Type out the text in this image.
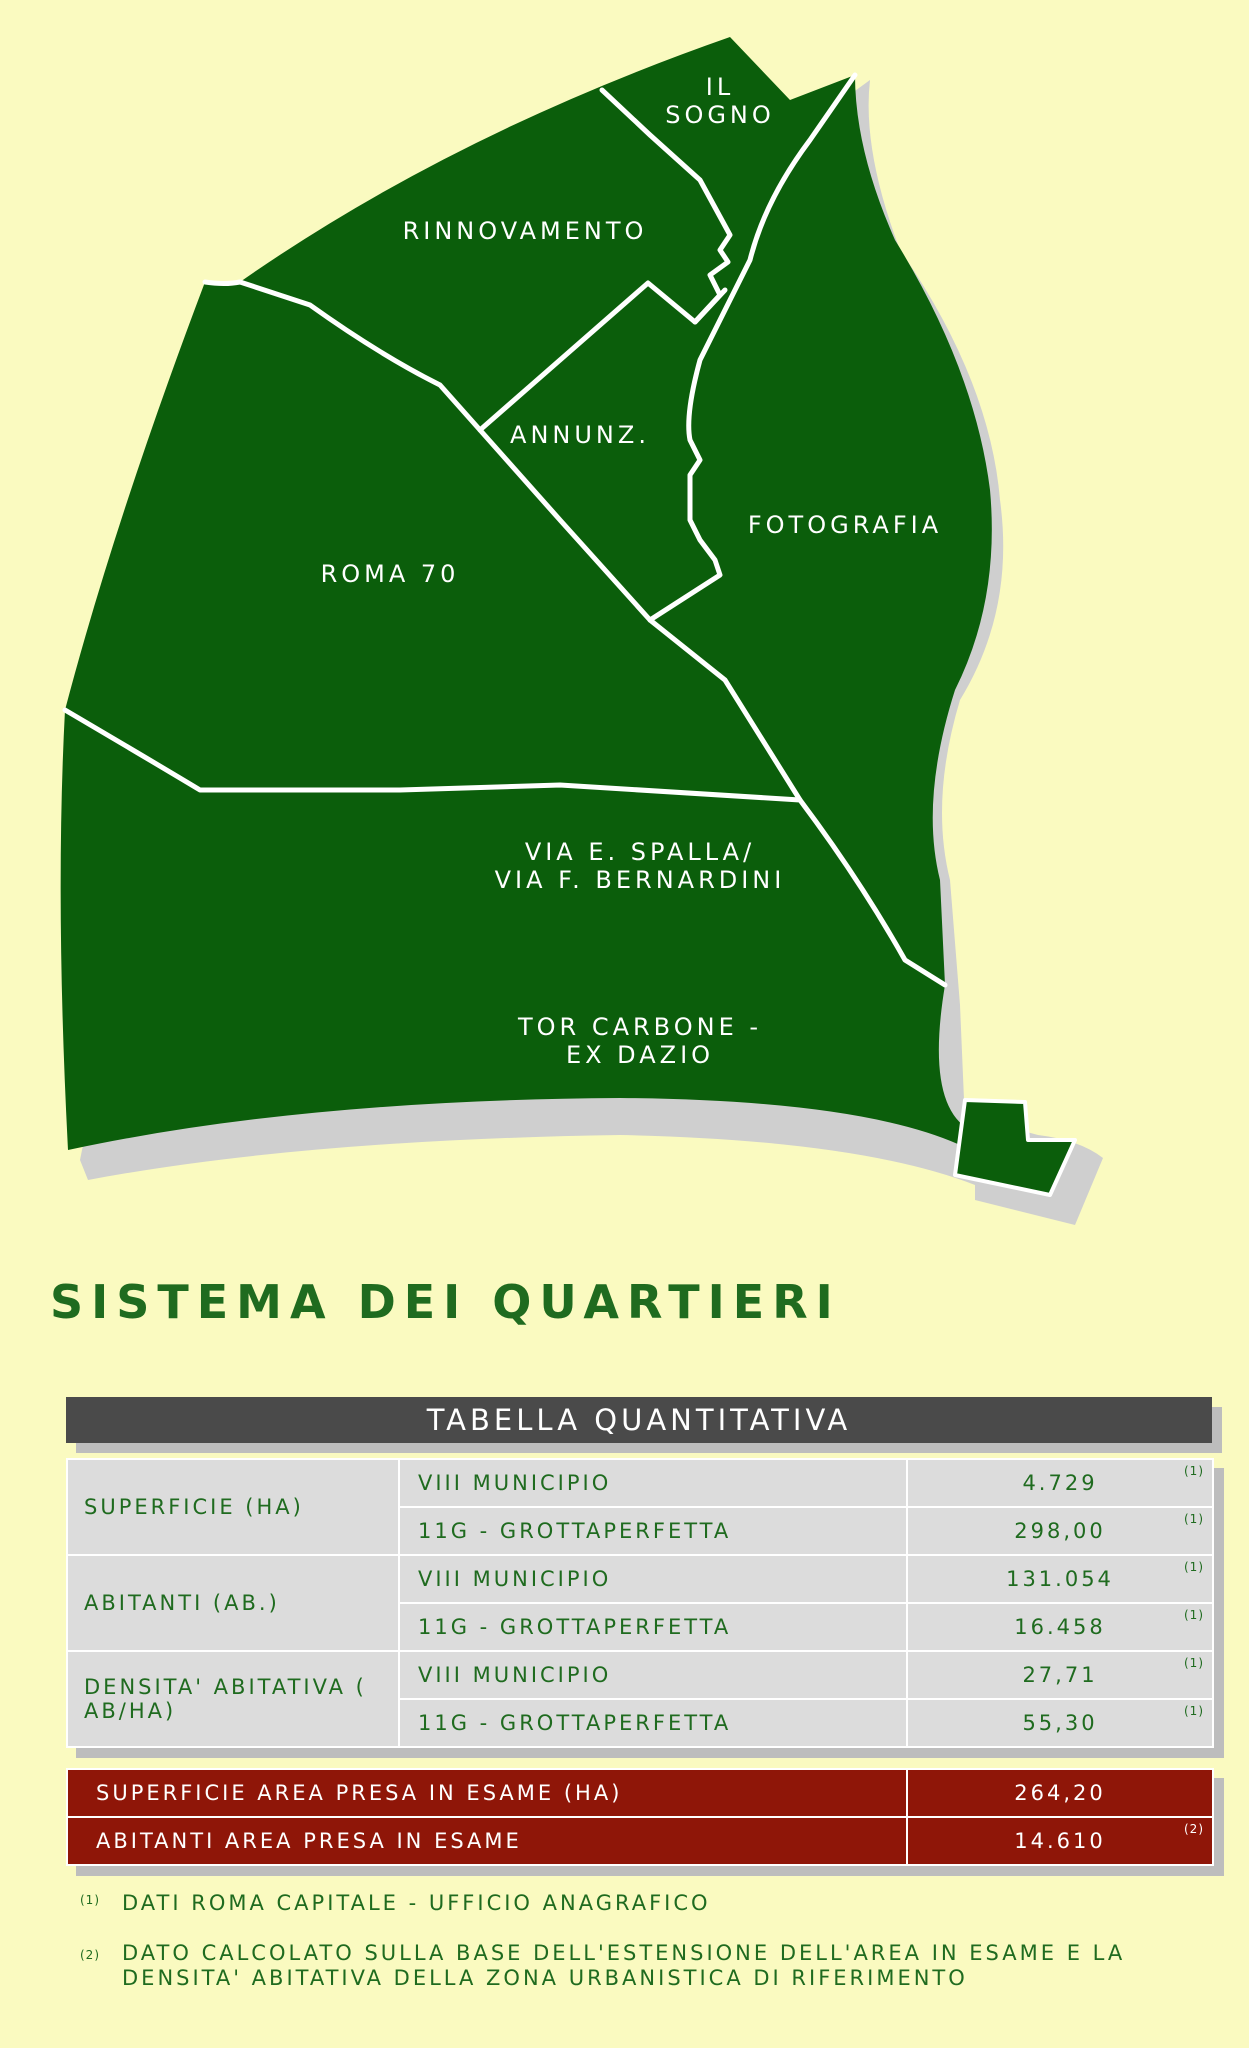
IL
SOGNO
RINNOVAMENTO
ANNUNZ.
FOTOGRAFIA
ROMA 70
VIA E. SPALLA/
VIA F. BERNARDINI
TOR CARBONE -
EX DAZIO
SISTEMA DEI QUARTIERI
TABELLA QUANTITATIVA
SUPERFICIE (HA)	VIII MUNICIPIO	4.729 (1)

	11G - GROTTAPERFETTA	298,00 (1)

ABITANTI (AB.)	VIII MUNICIPIO	131.054 (1)

	11G - GROTTAPERFETTA	16.458 (1)

DENSITA' ABITATIVA ( AB/HA)	VIII MUNICIPIO	27,71 (1)

	11G - GROTTAPERFETTA	55,30 (1)
SUPERFICIE AREA PRESA IN ESAME (HA)	264,20

ABITANTI AREA PRESA IN ESAME	14.610 (2)
(1) DATI ROMA CAPITALE - UFFICIO ANAGRAFICO
(2) DATO CALCOLATO SULLA BASE DELL'ESTENSIONE DELL'AREA IN ESAME E LA DENSITA' ABITATIVA DELLA ZONA URBANISTICA DI RIFERIMENTO
